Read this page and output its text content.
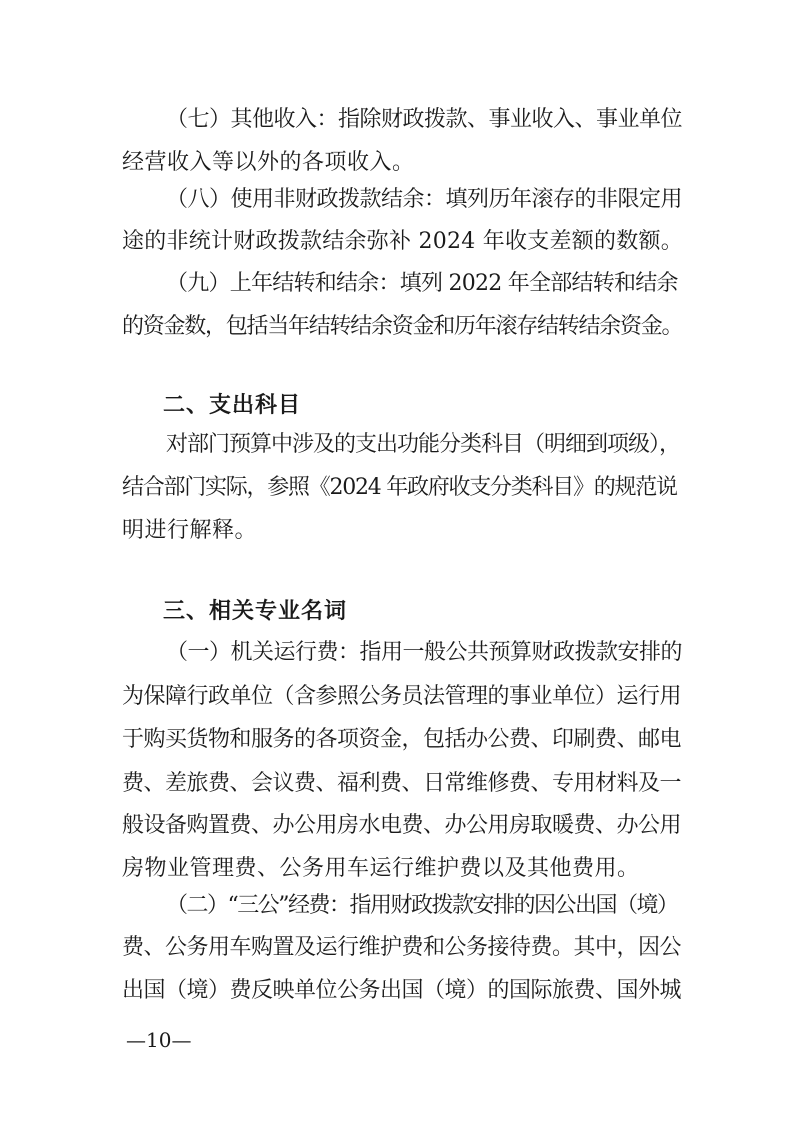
（七）其他收入：指除财政拨款、事业收入、事业单位
经营收入等以外的各项收入。
（八）使用非财政拨款结余：填列历年滚存的非限定用
途的非统计财政拨款结余弥补 2024 年收支差额的数额。
（九）上年结转和结余：填列 2022 年全部结转和结余
的资金数，包括当年结转结余资金和历年滚存结转结余资金。
二、支出科目
对部门预算中涉及的支出功能分类科目（明细到项级），
结合部门实际，参照《2024 年政府收支分类科目》的规范说
明进行解释。
三、相关专业名词
（一）机关运行费：指用一般公共预算财政拨款安排的
为保障行政单位（含参照公务员法管理的事业单位）运行用
于购买货物和服务的各项资金，包括办公费、印刷费、邮电
费、差旅费、会议费、福利费、日常维修费、专用材料及一
般设备购置费、办公用房水电费、办公用房取暖费、办公用
房物业管理费、公务用车运行维护费以及其他费用。
（二）“三公”经费：指用财政拨款安排的因公出国（境）
费、公务用车购置及运行维护费和公务接待费。其中，因公
出国（境）费反映单位公务出国（境）的国际旅费、国外城
—10—
